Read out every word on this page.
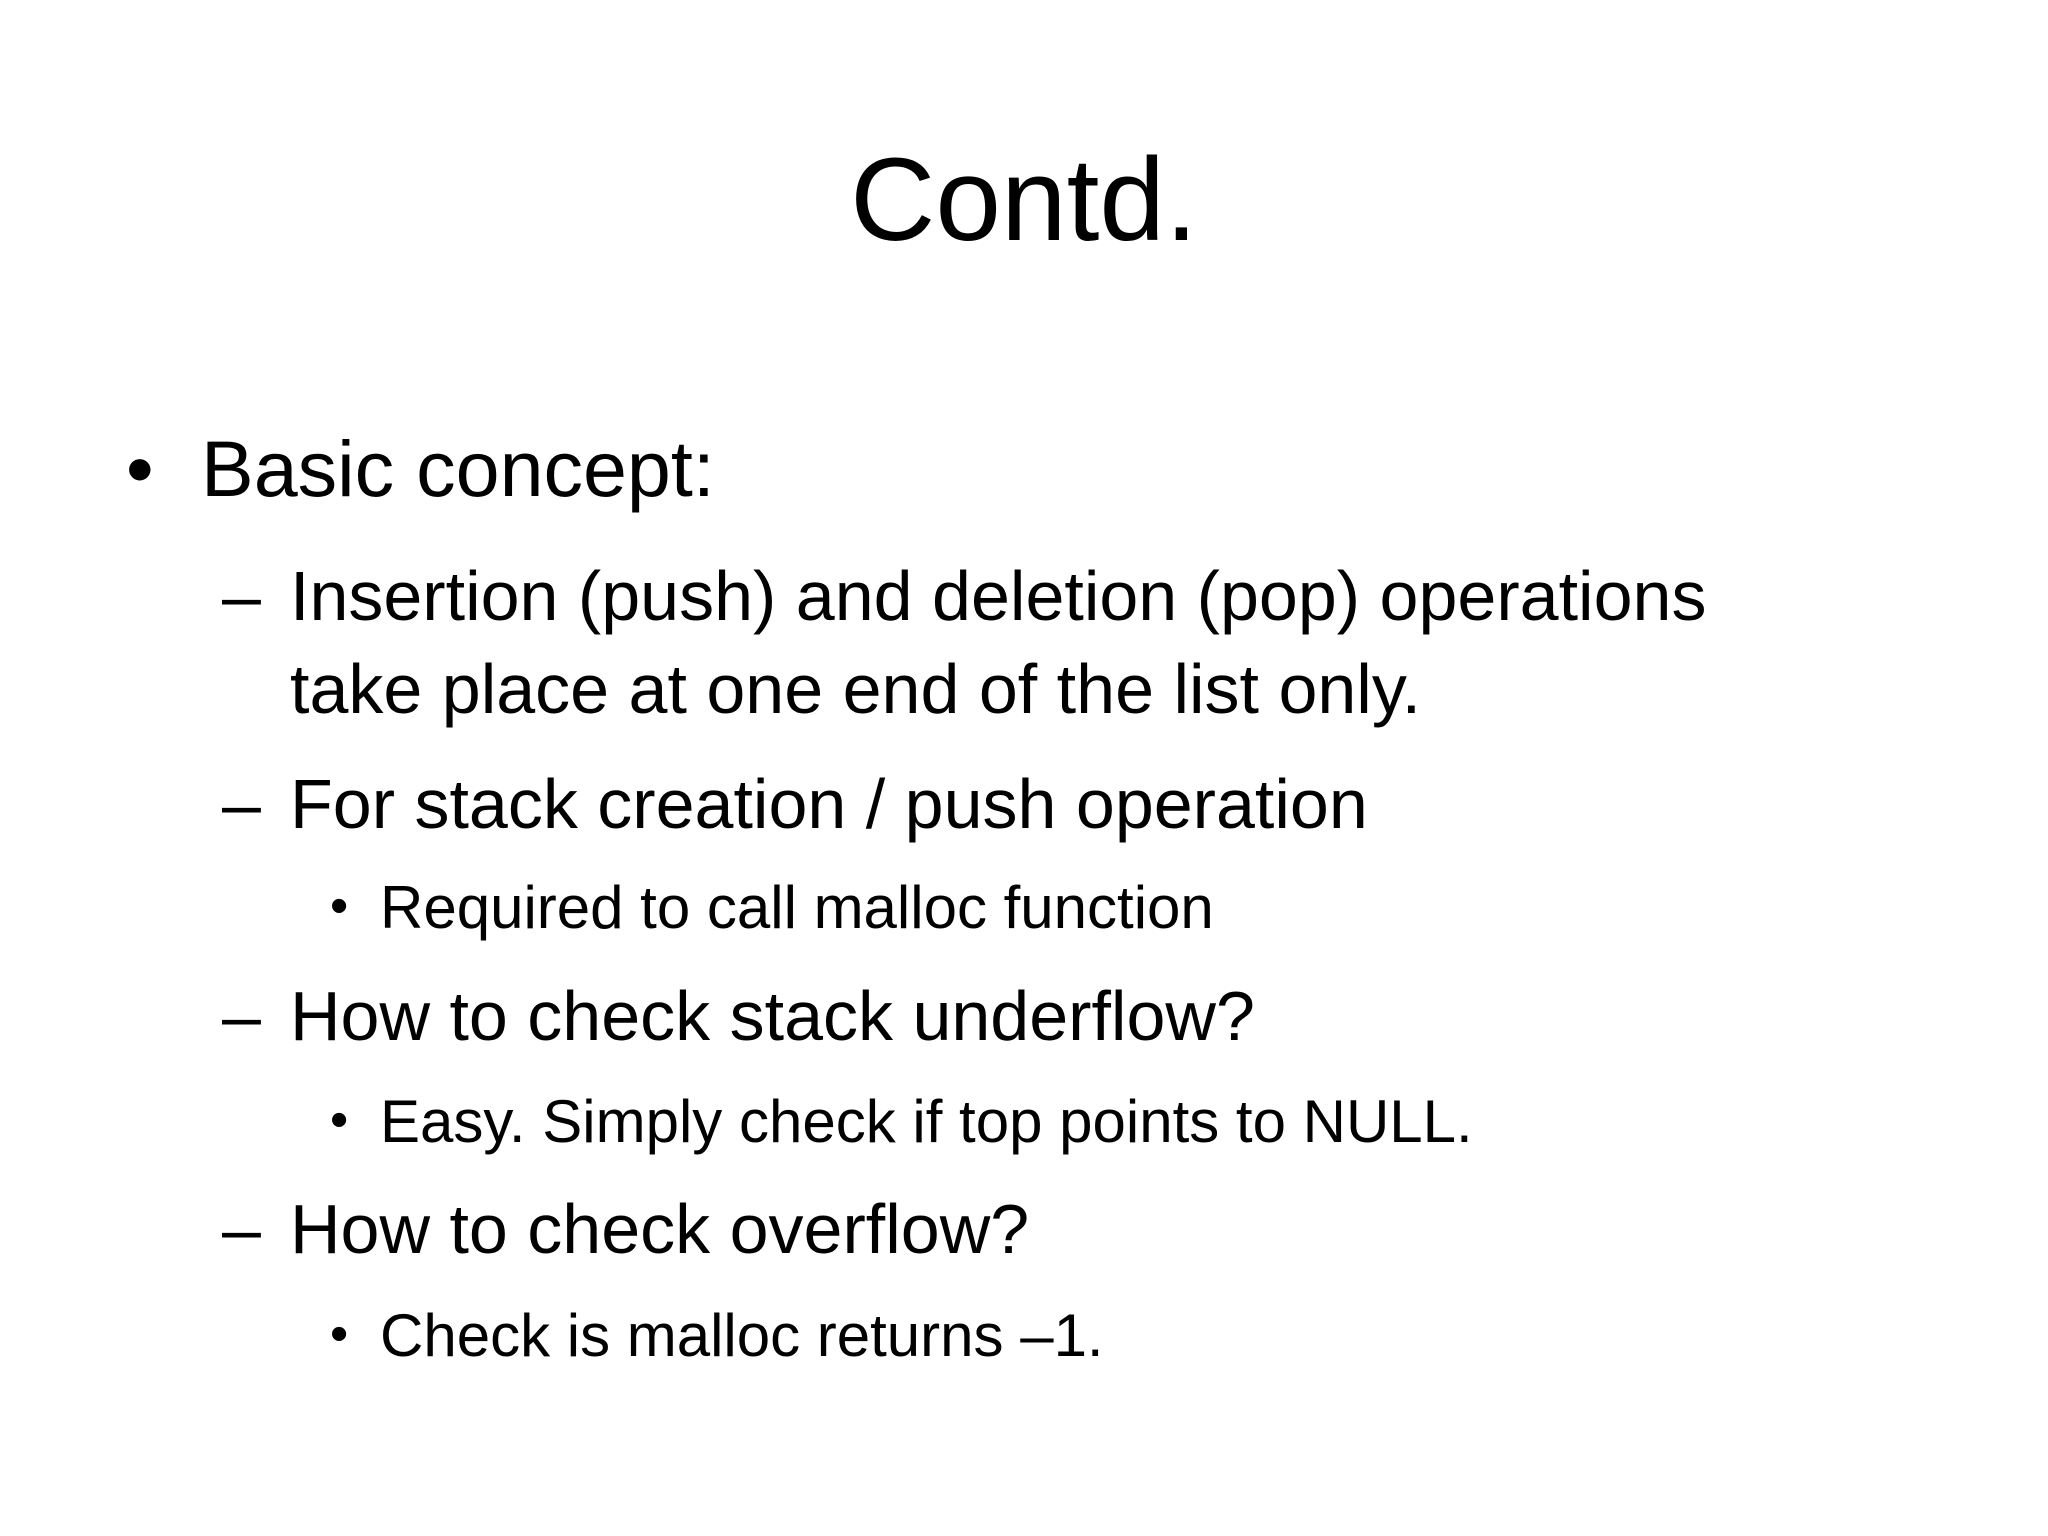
Contd.
• Basic concept:
– Insertion (push) and deletion (pop) operations
take place at one end of the list only.
– For stack creation / push operation
• Required to call malloc function
– How to check stack underflow?
• Easy. Simply check if top points to NULL.
– How to check overflow?
• Check is malloc returns –1.
